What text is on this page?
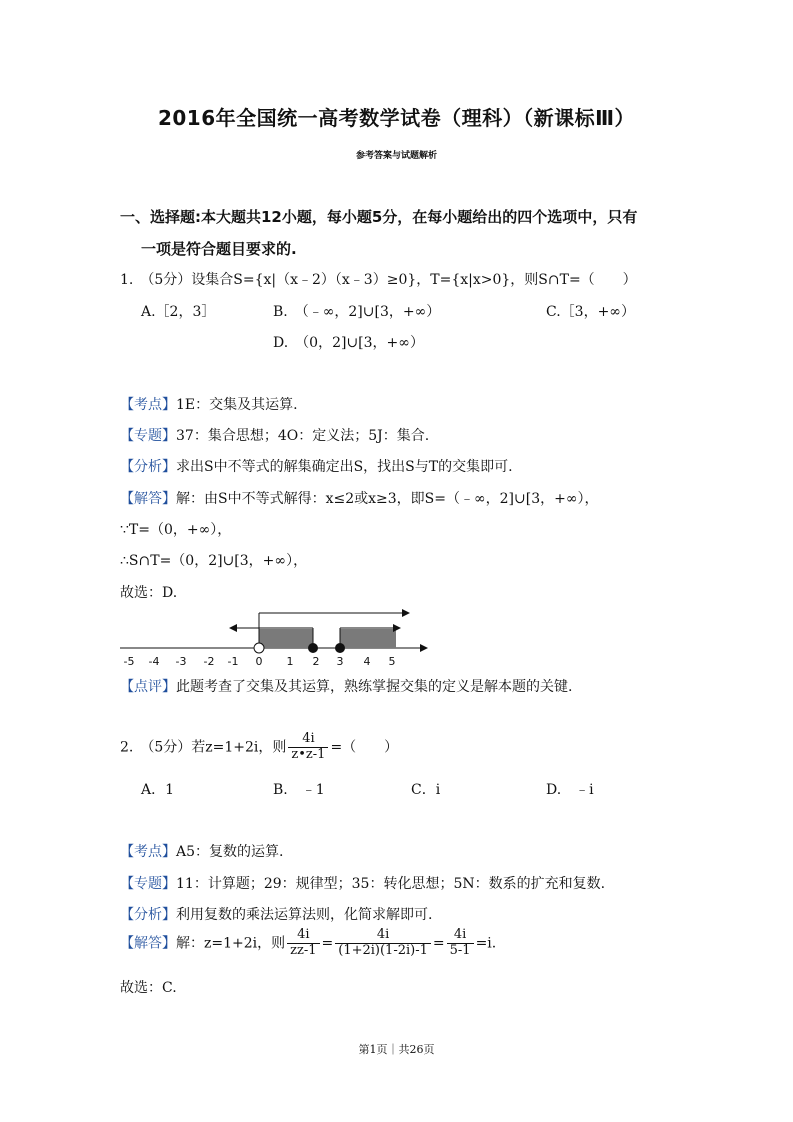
2016年全国统一高考数学试卷（理科）（新课标Ⅲ）
参考答案与试题解析
一、选择题:本大题共12小题，每小题5分，在每小题给出的四个选项中，只有
一项是符合题目要求的.
1.　（5分）设集合S={x|（x﹣2）（x﹣3）≥0}，T={x|x>0}，则S∩T=（　　）
A.［2，3］	B.　（﹣∞，2]∪[3，+∞）	C.［3，+∞）
D.　（0，2]∪[3，+∞）
【考点】1E：交集及其运算.
【专题】37：集合思想；4O：定义法；5J：集合.
【分析】求出S中不等式的解集确定出S，找出S与T的交集即可.
【解答】解：由S中不等式解得：x≤2或x≥3，即S=（﹣∞，2]∪[3，+∞），
∵T=（0，+∞），
∴S∩T=（0，2]∪[3，+∞），
故选：D.
-5 -4 -3 -2 -1 0 1 2 3 4 5
【点评】此题考查了交集及其运算，熟练掌握交集的定义是解本题的关键.
2.　（5分）若z=1+2i，则 $\frac{4i}{z•z-1}$ =（　　）
A．1	B.　﹣1	C．i	D.　﹣i
【考点】A5：复数的运算.
【专题】11：计算题；29：规律型；35：转化思想；5N：数系的扩充和复数.
【分析】利用复数的乘法运算法则，化简求解即可.
【解答】解：z=1+2i，则 $\frac{4i}{zz-1} = \frac{4i}{(1+2i)(1-2i)-1} = \frac{4i}{5-1} =i$.
故选：C.
第1页｜共26页
